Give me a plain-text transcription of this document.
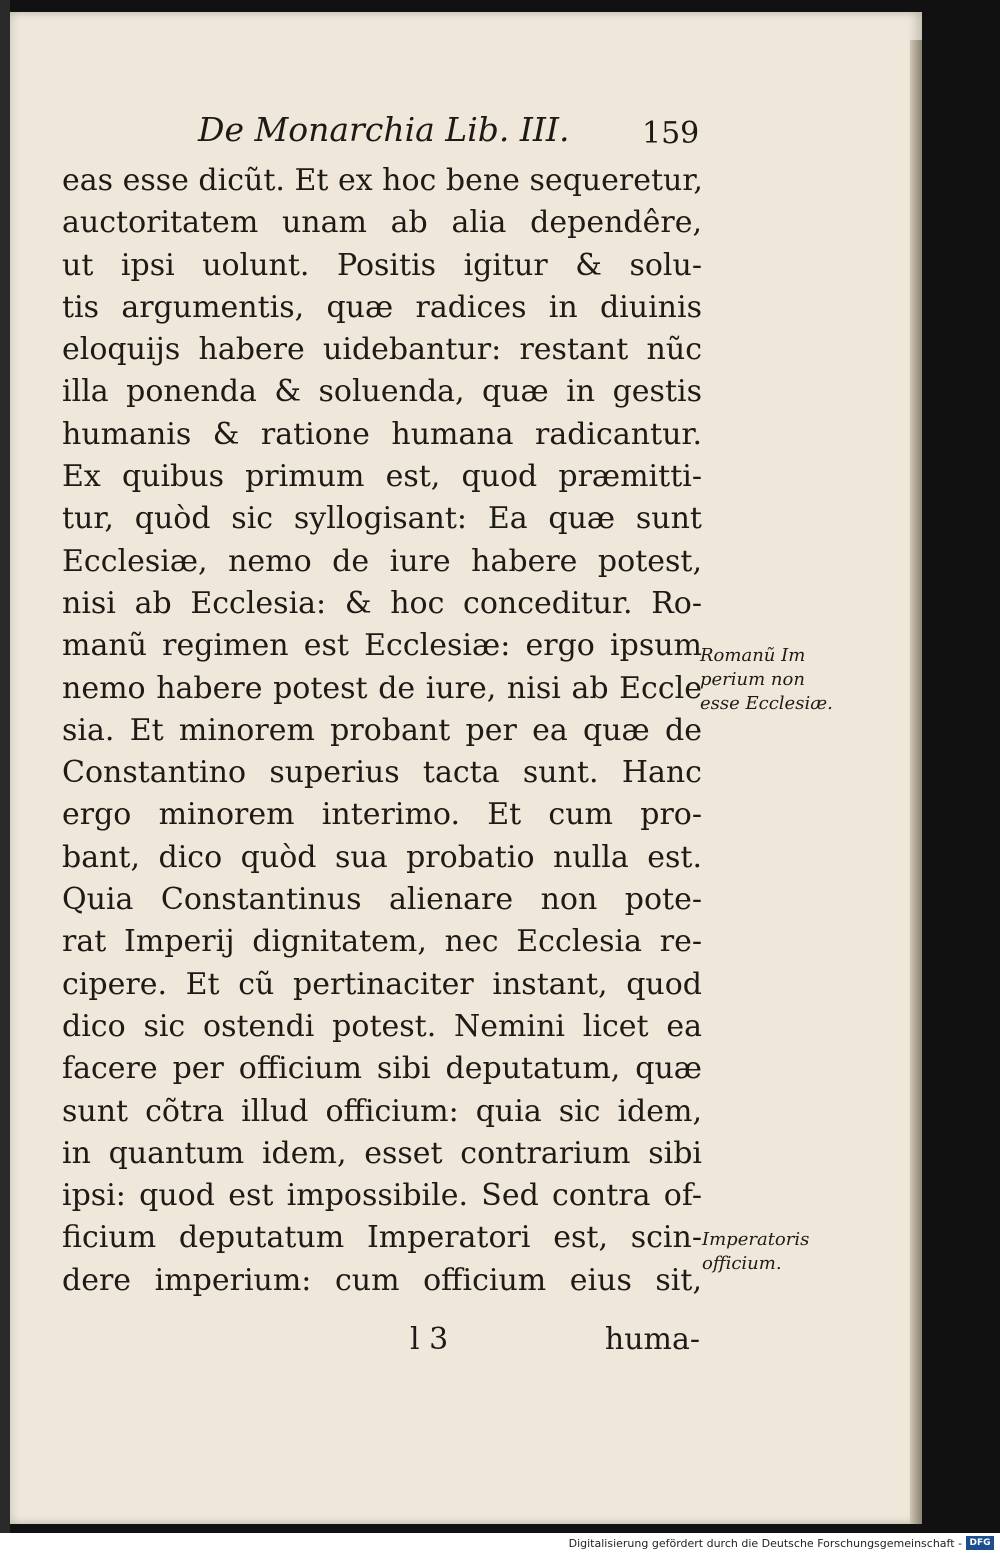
De Monarchia Lib. III. 159
eas esse dicũt. Et ex hoc bene sequeretur,
auctoritatem unam ab alia dependêre,
ut ipsi uolunt. Positis igitur & solu-
tis argumentis, quæ radices in diuinis
eloquijs habere uidebantur: restant nũc
illa ponenda & soluenda, quæ in gestis
humanis & ratione humana radicantur.
Ex quibus primum est, quod præmitti-
tur, quòd sic syllogisant: Ea quæ sunt
Ecclesiæ, nemo de iure habere potest,
nisi ab Ecclesia: & hoc conceditur. Ro-
manũ regimen est Ecclesiæ: ergo ipsum
nemo habere potest de iure, nisi ab Eccle
sia. Et minorem probant per ea quæ de
Constantino superius tacta sunt. Hanc
ergo minorem interimo. Et cum pro-
bant, dico quòd sua probatio nulla est.
Quia Constantinus alienare non pote-
rat Imperij dignitatem, nec Ecclesia re-
cipere. Et cũ pertinaciter instant, quod
dico sic ostendi potest. Nemini licet ea
facere per officium sibi deputatum, quæ
sunt cõtra illud officium: quia sic idem,
in quantum idem, esset contrarium sibi
ipsi: quod est impossibile. Sed contra of-
ficium deputatum Imperatori est, scin-
dere imperium: cum officium eius sit,
Romanũ Im
perium non
esse Ecclesiæ.
Imperatoris
officium.
l 3	huma-
Digitalisierung gefördert durch die Deutsche Forschungsgemeinschaft - DFG
